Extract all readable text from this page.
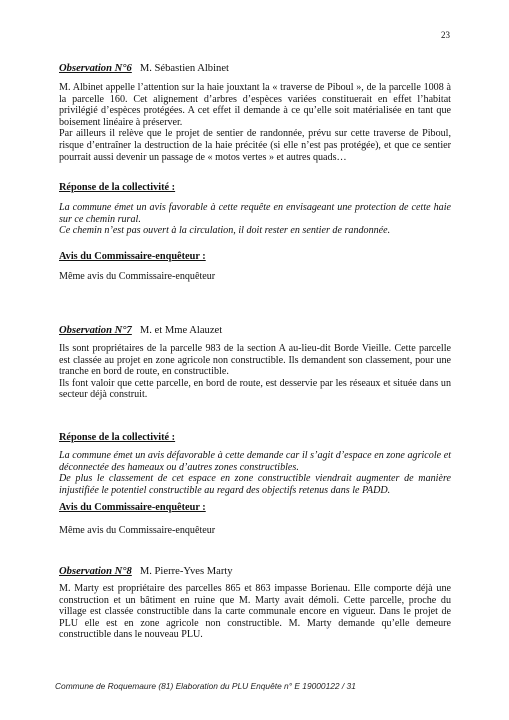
23
Observation N°6 M. Sébastien Albinet

M. Albinet appelle l’attention sur la haie jouxtant la « traverse de Piboul », de la parcelle 1008 à la parcelle 160. Cet alignement d’arbres d’espèces variées constituerait en effet l’habitat privilégié d’espèces protégées. A cet effet il demande à ce qu’elle soit matérialisée en tant que boisement linéaire à préserver.

Par ailleurs il relève que le projet de sentier de randonnée, prévu sur cette traverse de Piboul, risque d’entraîner la destruction de la haie précitée (si elle n’est pas protégée), et que ce sentier pourrait aussi devenir un passage de « motos vertes » et autres quads…

Réponse de la collectivité :

La commune émet un avis favorable à cette requête en envisageant une protection de cette haie sur ce chemin rural.

Ce chemin n’est pas ouvert à la circulation, il doit rester en sentier de randonnée.

Avis du Commissaire-enquêteur :

Même avis du Commissaire-enquêteur

Observation N°7 M. et Mme Alauzet

Ils sont propriétaires de la parcelle 983 de la section A au-lieu-dit Borde Vieille. Cette parcelle est classée au projet en zone agricole non constructible. Ils demandent son classement, pour une tranche en bord de route, en constructible.

Ils font valoir que cette parcelle, en bord de route, est desservie par les réseaux et située dans un secteur déjà construit.

Réponse de la collectivité :

La commune émet un avis défavorable à cette demande car il s’agit d’espace en zone agricole et déconnectée des hameaux ou d’autres zones constructibles.

De plus le classement de cet espace en zone constructible viendrait augmenter de manière injustifiée le potentiel constructible au regard des objectifs retenus dans le PADD.

Avis du Commissaire-enquêteur :

Même avis du Commissaire-enquêteur

Observation N°8 M. Pierre-Yves Marty

M. Marty est propriétaire des parcelles 865 et 863 impasse Borienau. Elle comporte déjà une construction et un bâtiment en ruine que M. Marty avait démoli. Cette parcelle, proche du village est classée constructible dans la carte communale encore en vigueur. Dans le projet de PLU elle est en zone agricole non constructible. M. Marty demande qu’elle demeure constructible dans le nouveau PLU.

Commune de Roquemaure (81) Elaboration du PLU Enquête n° E 19000122 / 31
